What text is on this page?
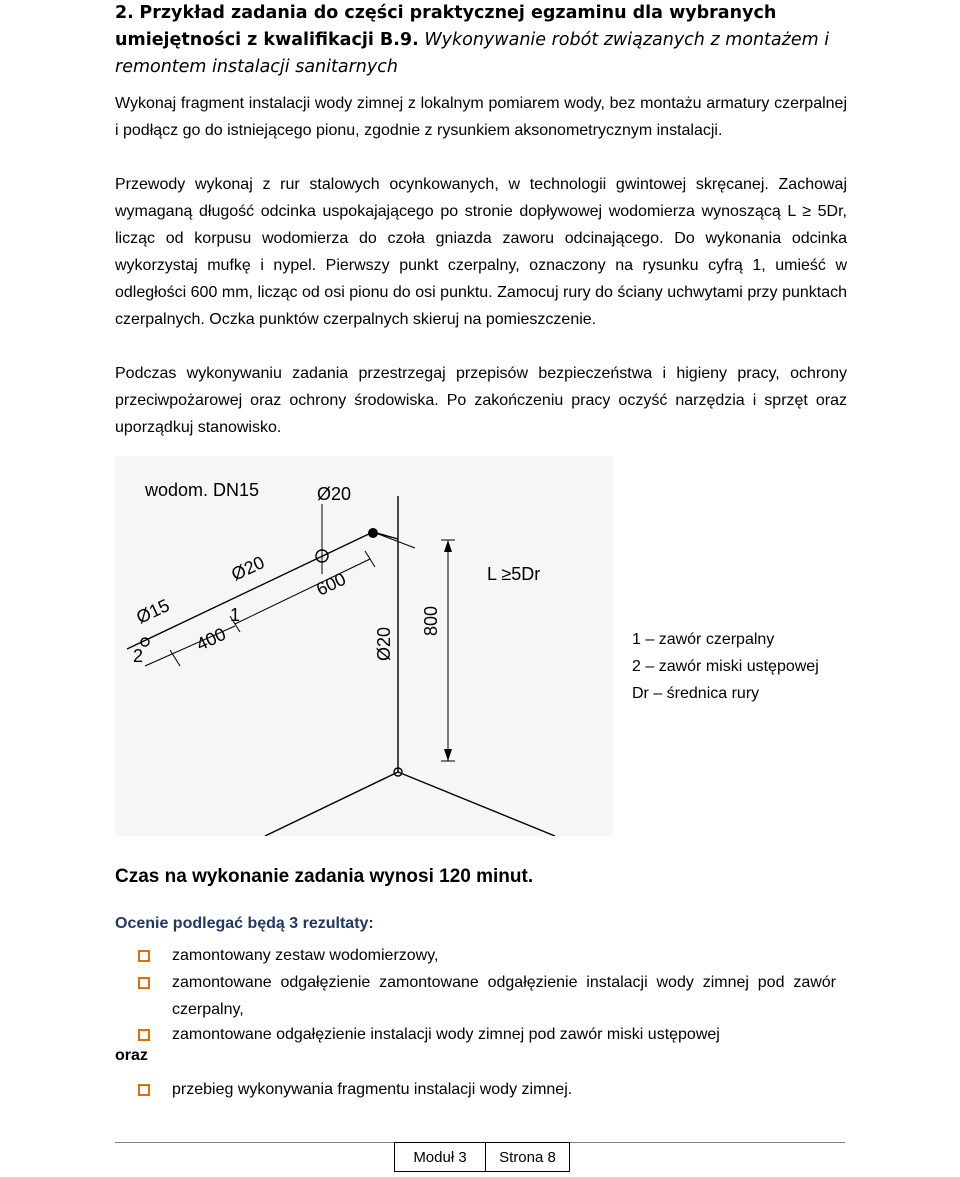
2. Przykład zadania do części praktycznej egzaminu dla wybranych umiejętności z kwalifikacji B.9. Wykonywanie robót związanych z montażem i remontem instalacji sanitarnych
Wykonaj fragment instalacji wody zimnej z lokalnym pomiarem wody, bez montażu armatury czerpalnej i podłącz go do istniejącego pionu, zgodnie z rysunkiem aksonometrycznym instalacji.
Przewody wykonaj z rur stalowych ocynkowanych, w technologii gwintowej skręcanej. Zachowaj wymaganą długość odcinka uspokajającego po stronie dopływowej wodomierza wynoszącą L ≥ 5Dr, licząc od korpusu wodomierza do czoła gniazda zaworu odcinającego. Do wykonania odcinka wykorzystaj mufkę i nypel. Pierwszy punkt czerpalny, oznaczony na rysunku cyfrą 1, umieść w odległości 600 mm, licząc od osi pionu do osi punktu. Zamocuj rury do ściany uchwytami przy punktach czerpalnych. Oczka punktów czerpalnych skieruj na pomieszczenie.
Podczas wykonywaniu zadania przestrzegaj przepisów bezpieczeństwa i higieny pracy, ochrony przeciwpożarowej oraz ochrony środowiska. Po zakończeniu pracy oczyść narzędzia i sprzęt oraz uporządkuj stanowisko.
wodom. DN15	Ø20
Ø20	600
Ø15	1
400
2	Ø20
800
L ≥5Dr
1 – zawór czerpalny
2 – zawór miski ustępowej
Dr – średnica rury
Czas na wykonanie zadania wynosi 120 minut.
Ocenie podlegać będą 3 rezultaty:
zamontowany zestaw wodomierzowy,
zamontowane odgałęzienie zamontowane odgałęzienie instalacji wody zimnej pod zawór czerpalny,
zamontowane odgałęzienie instalacji wody zimnej pod zawór miski ustępowej
oraz
przebieg wykonywania fragmentu instalacji wody zimnej.
Moduł 3	Strona 8
